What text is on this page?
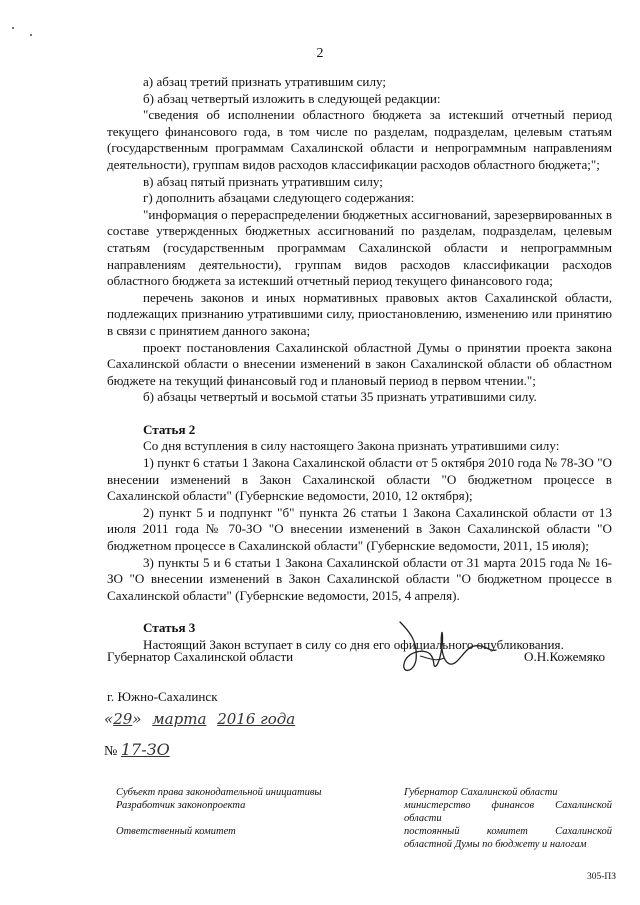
2

а) абзац третий признать утратившим силу;

б) абзац четвертый изложить в следующей редакции:

"сведения об исполнении областного бюджета за истекший отчетный период текущего финансового года, в том числе по разделам, подразделам, целевым статьям (государственным программам Сахалинской области и непрограммным направлениям деятельности), группам видов расходов классификации расходов областного бюджета;";

в) абзац пятый признать утратившим силу;

г) дополнить абзацами следующего содержания:

"информация о перераспределении бюджетных ассигнований, зарезервированных в составе утвержденных бюджетных ассигнований по разделам, подразделам, целевым статьям (государственным программам Сахалинской области и непрограммным направлениям деятельности), группам видов расходов классификации расходов областного бюджета за истекший отчетный период текущего финансового года;

перечень законов и иных нормативных правовых актов Сахалинской области, подлежащих признанию утратившими силу, приостановлению, изменению или принятию в связи с принятием данного закона;

проект постановления Сахалинской областной Думы о принятии проекта закона Сахалинской области о внесении изменений в закон Сахалинской области об областном бюджете на текущий финансовый год и плановый период в первом чтении.";

б) абзацы четвертый и восьмой статьи 35 признать утратившими силу.

Статья 2

Со дня вступления в силу настоящего Закона признать утратившими силу:

1) пункт 6 статьи 1 Закона Сахалинской области от 5 октября 2010 года № 78-ЗО "О внесении изменений в Закон Сахалинской области "О бюджетном процессе в Сахалинской области" (Губернские ведомости, 2010, 12 октября);

2) пункт 5 и подпункт "б" пункта 26 статьи 1 Закона Сахалинской области от 13 июля 2011 года № 70-ЗО "О внесении изменений в Закон Сахалинской области "О бюджетном процессе в Сахалинской области" (Губернские ведомости, 2011, 15 июля);

3) пункты 5 и 6 статьи 1 Закона Сахалинской области от 31 марта 2015 года № 16-ЗО "О внесении изменений в Закон Сахалинской области "О бюджетном процессе в Сахалинской области" (Губернские ведомости, 2015, 4 апреля).

Статья 3

Настоящий Закон вступает в силу со дня его официального опубликования.

Губернатор Сахалинской области	О.Н.Кожемяко
г. Южно-Сахалинск
«29» марта 2016 года
№ 17-ЗО

Субъект права законодательной инициативы

Разработчик законопроекта

Ответственный комитет

Губернатор Сахалинской области

министерство финансов Сахалинской области

постоянный комитет Сахалинской областной Думы по бюджету и налогам

305-ПЗ
